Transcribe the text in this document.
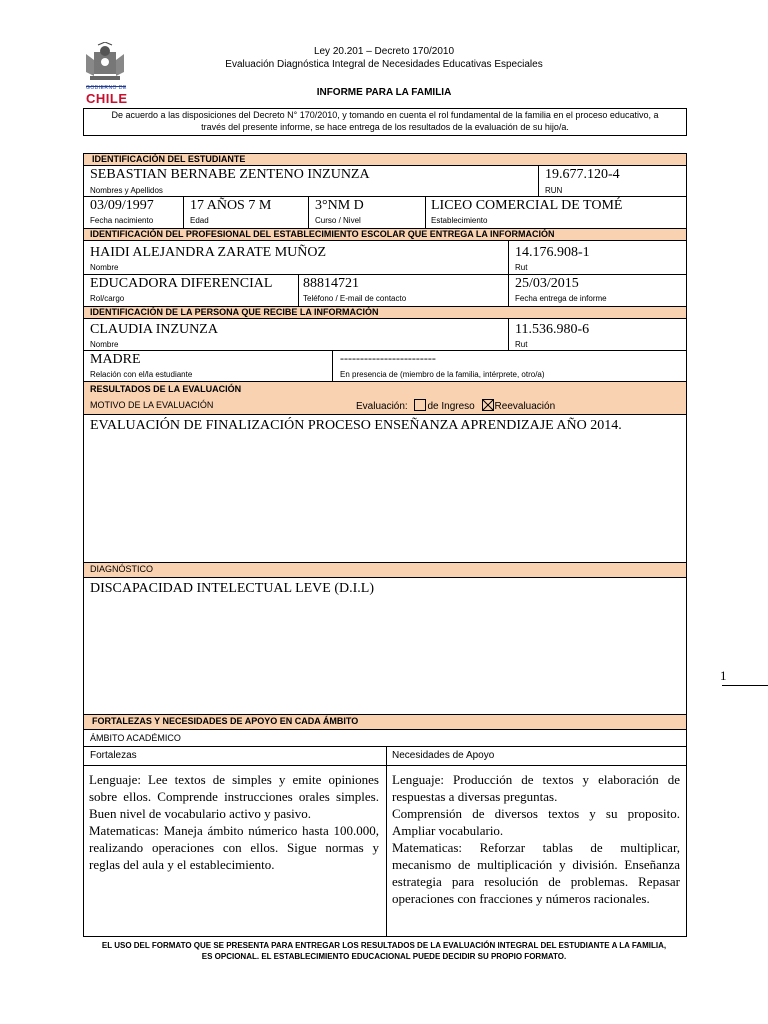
GOBIERNO DE
CHILE
Ley 20.201 – Decreto 170/2010
Evaluación Diagnóstica Integral de Necesidades Educativas Especiales
INFORME PARA LA FAMILIA
De acuerdo a las disposiciones del Decreto N° 170/2010, y tomando en cuenta el rol fundamental de la familia en el proceso educativo, a
través del presente informe, se hace entrega de los resultados de la evaluación de su hijo/a.
IDENTIFICACIÓN DEL ESTUDIANTE
SEBASTIAN BERNABE ZENTENO INZUNZA
Nombres y Apellidos
19.677.120-4
RUN
03/09/1997
Fecha nacimiento
17 AÑOS 7 M
Edad
3°NM D
Curso / Nivel
LICEO COMERCIAL DE TOMÉ
Establecimiento
IDENTIFICACIÓN DEL PROFESIONAL DEL ESTABLECIMIENTO ESCOLAR QUE ENTREGA LA INFORMACIÓN
HAIDI ALEJANDRA ZARATE MUÑOZ
Nombre
14.176.908-1
Rut
EDUCADORA DIFERENCIAL
Rol/cargo
88814721
Teléfono / E-mail de contacto
25/03/2015
Fecha entrega de informe
IDENTIFICACIÓN DE LA PERSONA QUE RECIBE LA INFORMACIÓN
CLAUDIA INZUNZA
Nombre
11.536.980-6
Rut
MADRE
Relación con el/la estudiante
------------------------
En presencia de (miembro de la familia, intérprete, otro/a)
RESULTADOS DE LA EVALUACIÓN
MOTIVO DE LA EVALUACIÓN	Evaluación: de Ingreso Reevaluación
EVALUACIÓN DE FINALIZACIÓN PROCESO ENSEÑANZA APRENDIZAJE AÑO 2014.
DIAGNÓSTICO
DISCAPACIDAD INTELECTUAL LEVE (D.I.L)
FORTALEZAS Y NECESIDADES DE APOYO EN CADA ÁMBITO
ÁMBITO ACADÉMICO
Fortalezas	Necesidades de Apoyo
Lenguaje: Lee textos de simples y emite opiniones sobre ellos. Comprende instrucciones orales simples. Buen nivel de vocabulario activo y pasivo.
Matematicas: Maneja ámbito númerico hasta 100.000, realizando operaciones con ellos. Sigue normas y reglas del aula y el establecimiento.
Lenguaje: Producción de textos y elaboración de respuestas a diversas preguntas.
Comprensión de diversos textos y su proposito. Ampliar vocabulario.
Matematicas: Reforzar tablas de multiplicar, mecanismo de multiplicación y división. Enseñanza estrategia para resolución de problemas. Repasar operaciones con fracciones y números racionales.
EL USO DEL FORMATO QUE SE PRESENTA PARA ENTREGAR LOS RESULTADOS DE LA EVALUACIÓN INTEGRAL DEL ESTUDIANTE A LA FAMILIA,
ES OPCIONAL. EL ESTABLECIMIENTO EDUCACIONAL PUEDE DECIDIR SU PROPIO FORMATO.
1
